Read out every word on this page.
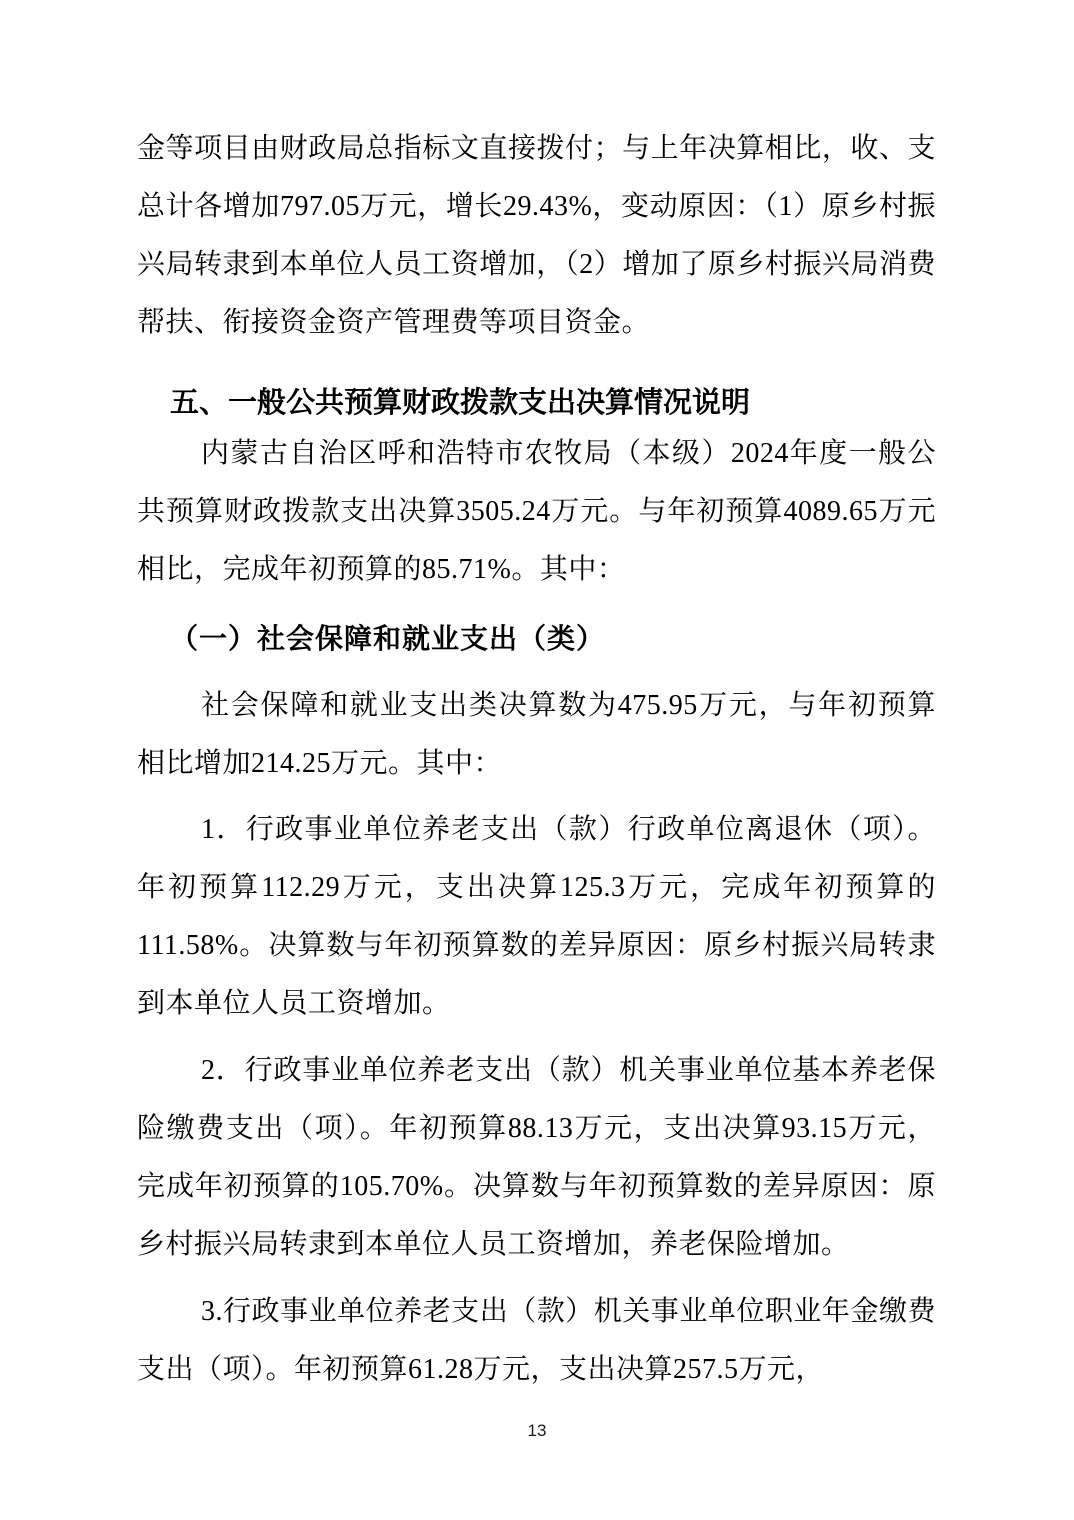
金等项目由财政局总指标文直接拨付；与上年决算相比，收、支总计各增加797.05万元，增长29.43%，变动原因：（1）原乡村振兴局转隶到本单位人员工资增加，（2）增加了原乡村振兴局消费帮扶、衔接资金资产管理费等项目资金。

五、一般公共预算财政拨款支出决算情况说明

内蒙古自治区呼和浩特市农牧局（本级）2024年度一般公共预算财政拨款支出决算3505.24万元。与年初预算4089.65万元相比，完成年初预算的85.71%。其中：

（一）社会保障和就业支出（类）

社会保障和就业支出类决算数为475.95万元，与年初预算相比增加214.25万元。其中：

1．行政事业单位养老支出（款）行政单位离退休（项）。年初预算112.29万元，支出决算125.3万元，完成年初预算的111.58%。决算数与年初预算数的差异原因：原乡村振兴局转隶到本单位人员工资增加。

2．行政事业单位养老支出（款）机关事业单位基本养老保险缴费支出（项）。年初预算88.13万元，支出决算93.15万元，完成年初预算的105.70%。决算数与年初预算数的差异原因：原乡村振兴局转隶到本单位人员工资增加，养老保险增加。

3.行政事业单位养老支出（款）机关事业单位职业年金缴费支出（项）。年初预算61.28万元，支出决算257.5万元，

13
